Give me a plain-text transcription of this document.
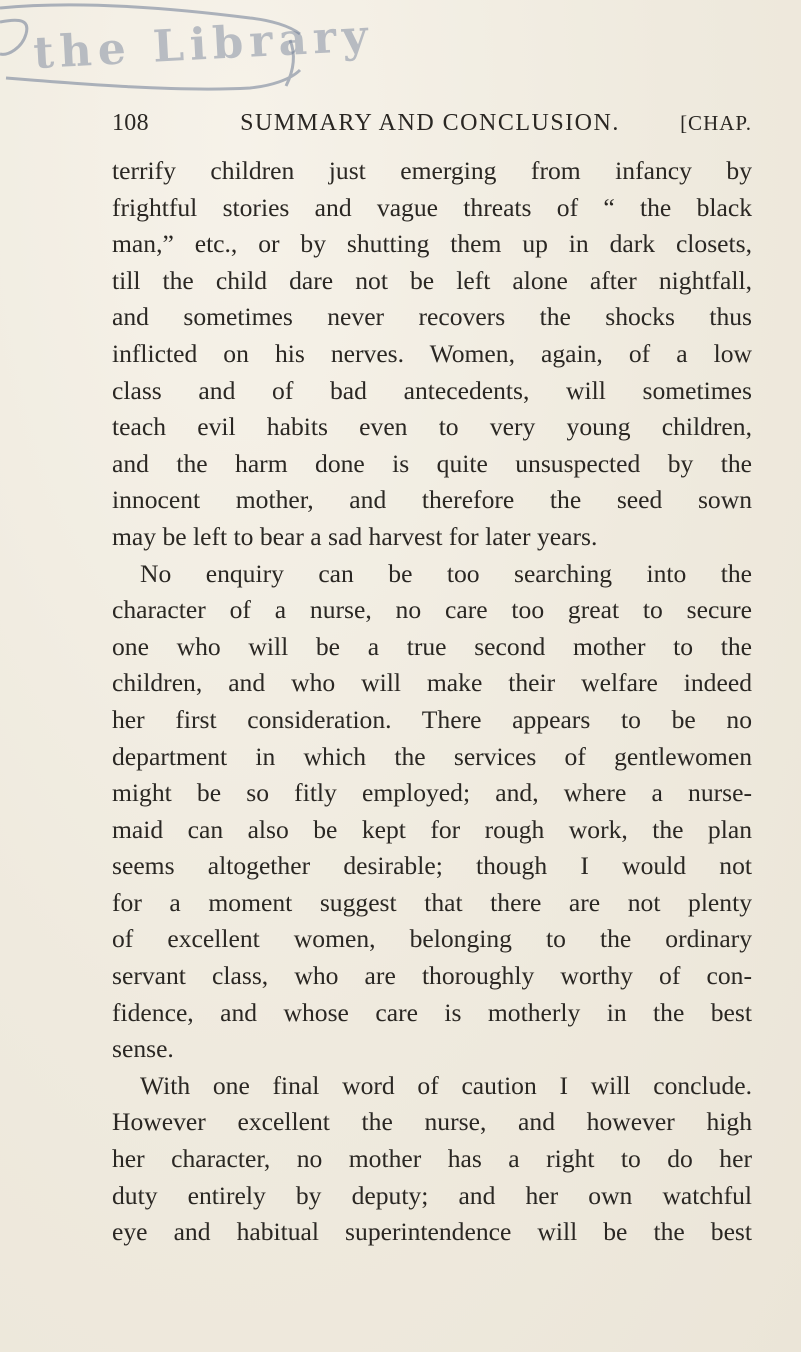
the Library
108	SUMMARY AND CONCLUSION.	[CHAP.
terrify children just emerging from infancy by
frightful stories and vague threats of “ the black
man,” etc., or by shutting them up in dark closets,
till the child dare not be left alone after nightfall,
and sometimes never recovers the shocks thus
inflicted on his nerves. Women, again, of a low
class and of bad antecedents, will sometimes
teach evil habits even to very young children,
and the harm done is quite unsuspected by the
innocent mother, and therefore the seed sown
may be left to bear a sad harvest for later years.
No enquiry can be too searching into the
character of a nurse, no care too great to secure
one who will be a true second mother to the
children, and who will make their welfare indeed
her first consideration. There appears to be no
department in which the services of gentlewomen
might be so fitly employed; and, where a nurse-
maid can also be kept for rough work, the plan
seems altogether desirable; though I would not
for a moment suggest that there are not plenty
of excellent women, belonging to the ordinary
servant class, who are thoroughly worthy of con-
fidence, and whose care is motherly in the best
sense.
With one final word of caution I will conclude.
However excellent the nurse, and however high
her character, no mother has a right to do her
duty entirely by deputy; and her own watchful
eye and habitual superintendence will be the best
